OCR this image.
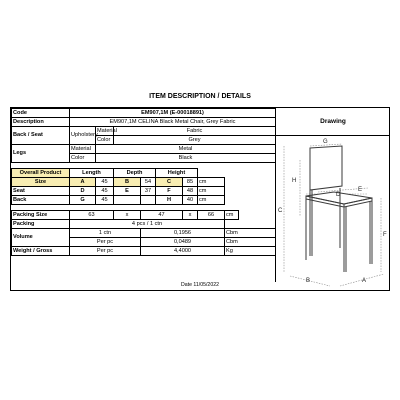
ITEM DESCRIPTION / DETAILS
Code	EM907,1M (E-00018891)								
Description	EM907,1M CELINA Black Metal Chair, Grey Fabric								
Back / Seat	Upholstery	Material	Fabric						
		Color	Grey						
Legs	Material	Metal							
	Color	Black							

Overall Product	Length		Depth		Height				
Size	A	45	B	54	C	85	cm		
Seat	D	45	E	37	F	48	cm		
Back	G	45			H	40	cm		

Packing Size	63		x	47		x	66	cm	
Packing	4 pcs / 1 ctn								
Volume	1 ctn			0,1956				Cbm	
	Per pc			0,0489				Cbm	
Weight / Gross	Per pc			4,4000				Kg	
Drawing
G
H
C
E
D
F
B	A
Date 11/05/2022
